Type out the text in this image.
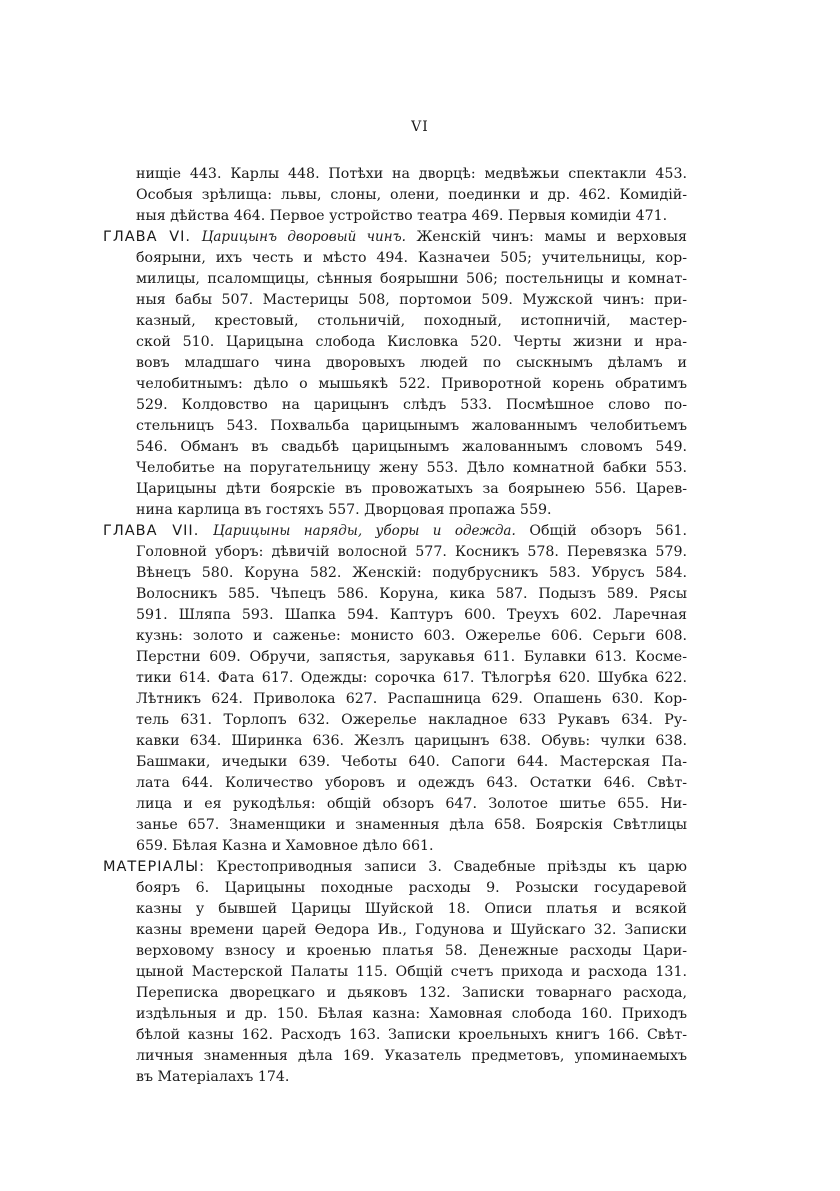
VI
нищіе 443. Карлы 448. Потѣхи на дворцѣ: медвѣжьи спектакли 453.
Особыя зрѣлища: львы, слоны, олени, поединки и др. 462. Комидій-
ныя дѣйства 464. Первое устройство театра 469. Первыя комидіи 471.
ГЛАВА VI. Царицынъ дворовый чинъ. Женскій чинъ: мамы и верховыя
боярыни, ихъ честь и мѣсто 494. Казначеи 505; учительницы, кор-
милицы, псаломщицы, сѣнныя боярышни 506; постельницы и комнат-
ныя бабы 507. Мастерицы 508, портомои 509. Мужской чинъ: при-
казный, крестовый, стольничій, походный, истопничій, мастер-
ской 510. Царицына слобода Кисловка 520. Черты жизни и нра-
вовъ младшаго чина дворовыхъ людей по сыскнымъ дѣламъ и
челобитнымъ: дѣло о мышьякѣ 522. Приворотной корень обратимъ
529. Колдовство на царицынъ слѣдъ 533. Посмѣшное слово по-
стельницъ 543. Похвальба царицынымъ жалованнымъ челобитьемъ
546. Обманъ въ свадьбѣ царицынымъ жалованнымъ словомъ 549.
Челобитье на поругательницу жену 553. Дѣло комнатной бабки 553.
Царицыны дѣти боярскіе въ провожатыхъ за боярынею 556. Царев-
нина карлица въ гостяхъ 557. Дворцовая пропажа 559.
ГЛАВА VII. Царицыны наряды, уборы и одежда. Общій обзоръ 561.
Головной уборъ: дѣвичій волосной 577. Косникъ 578. Перевязка 579.
Вѣнецъ 580. Коруна 582. Женскій: подубрусникъ 583. Убрусъ 584.
Волосникъ 585. Чѣпецъ 586. Коруна, кика 587. Подызъ 589. Рясы
591. Шляпа 593. Шапка 594. Каптуръ 600. Треухъ 602. Ларечная
кузнь: золото и саженье: монисто 603. Ожерелье 606. Серьги 608.
Перстни 609. Обручи, запястья, зарукавья 611. Булавки 613. Косме-
тики 614. Фата 617. Одежды: сорочка 617. Тѣлогрѣя 620. Шубка 622.
Лѣтникъ 624. Приволока 627. Распашница 629. Опашень 630. Кор-
тель 631. Торлопъ 632. Ожерелье накладное 633 Рукавъ 634. Ру-
кавки 634. Ширинка 636. Жезлъ царицынъ 638. Обувь: чулки 638.
Башмаки, ичедыки 639. Чеботы 640. Сапоги 644. Мастерская Па-
лата 644. Количество уборовъ и одеждъ 643. Остатки 646. Свѣт-
лица и ея рукодѣлья: общій обзоръ 647. Золотое шитье 655. Ни-
занье 657. Знаменщики и знаменныя дѣла 658. Боярскія Свѣтлицы
659. Бѣлая Казна и Хамовное дѣло 661.
МАТЕРІАЛЫ: Крестоприводныя записи 3. Свадебные пріѣзды къ царю
бояръ 6. Царицыны походные расходы 9. Розыски государевой
казны у бывшей Царицы Шуйской 18. Описи платья и всякой
казны времени царей Ѳедора Ив., Годунова и Шуйскаго 32. Записки
верховому взносу и кроенью платья 58. Денежные расходы Цари-
цыной Мастерской Палаты 115. Общій счетъ прихода и расхода 131.
Переписка дворецкаго и дьяковъ 132. Записки товарнаго расхода,
издѣльныя и др. 150. Бѣлая казна: Хамовная слобода 160. Приходъ
бѣлой казны 162. Расходъ 163. Записки кроельныхъ книгъ 166. Свѣт-
личныя знаменныя дѣла 169. Указатель предметовъ, упоминаемыхъ
въ Матеріалахъ 174.
